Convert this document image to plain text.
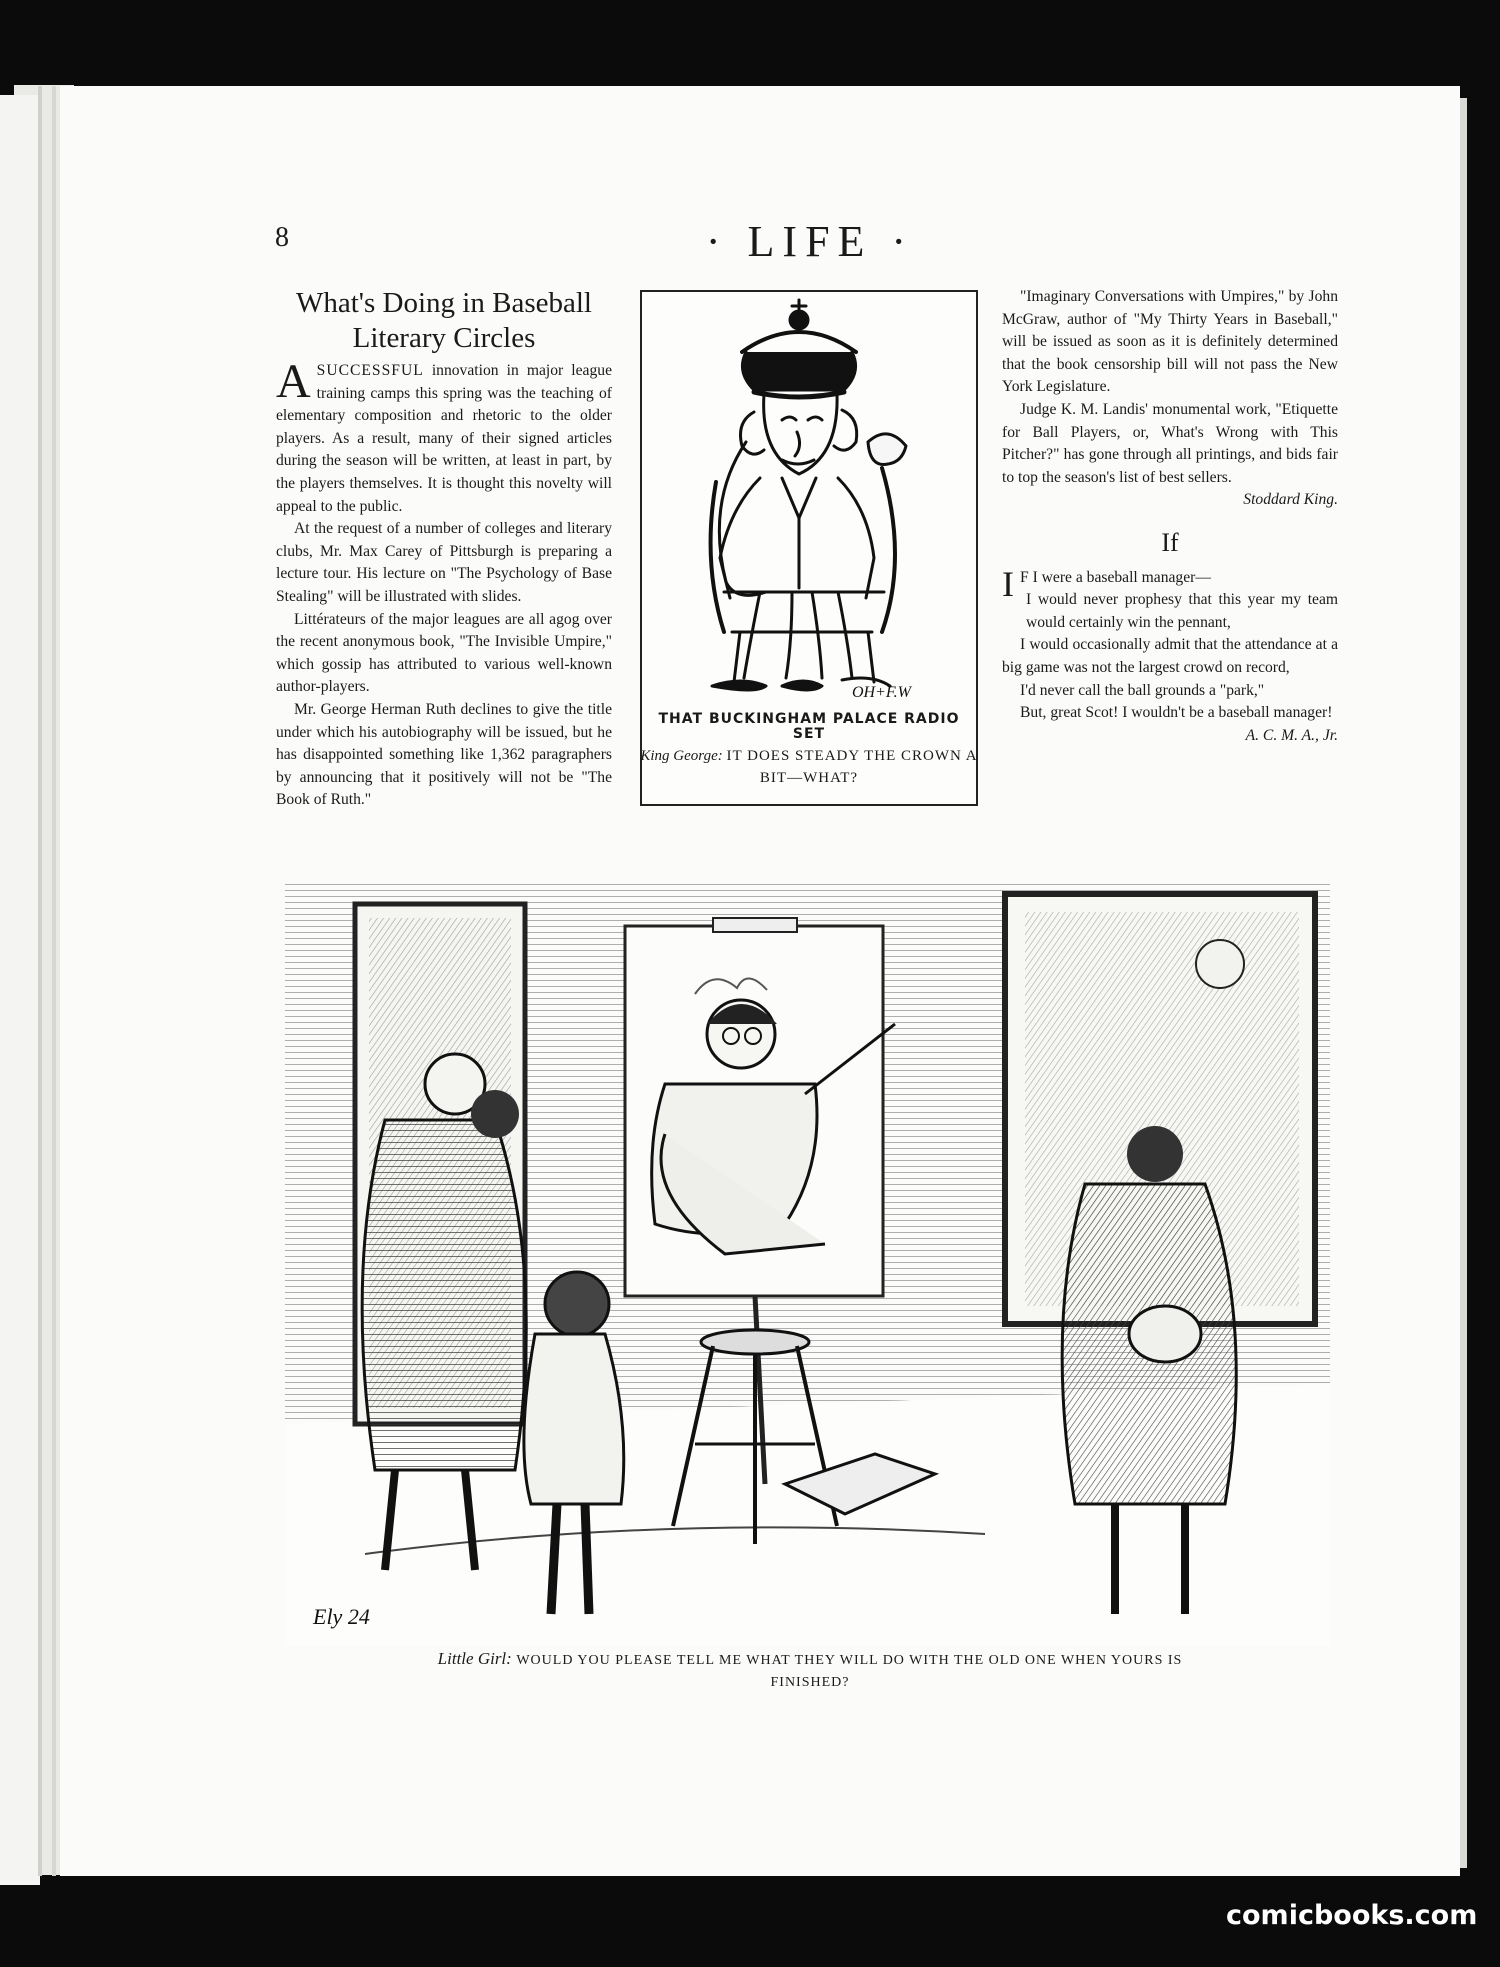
8	· LIFE ·
What's Doing in Baseball
Literary Circles

ASUCCESSFUL innovation in major league training camps this spring was the teaching of elementary composition and rhetoric to the older players. As a result, many of their signed articles during the season will be written, at least in part, by the players themselves. It is thought this novelty will appeal to the public.

At the request of a number of colleges and literary clubs, Mr. Max Carey of Pittsburgh is preparing a lecture tour. His lecture on "The Psychology of Base Stealing" will be illustrated with slides.

Littérateurs of the major leagues are all agog over the recent anonymous book, "The Invisible Umpire," which gossip has attributed to various well-known author-players.

Mr. George Herman Ruth declines to give the title under which his autobiography will be issued, but he has disappointed something like 1,362 paragraphers by announcing that it positively will not be "The Book of Ruth."

OH+F.W
THAT BUCKINGHAM PALACE RADIO SET
King George: IT DOES STEADY THE CROWN A BIT—WHAT?

"Imaginary Conversations with Umpires," by John McGraw, author of "My Thirty Years in Baseball," will be issued as soon as it is definitely determined that the book censorship bill will not pass the New York Legislature.

Judge K. M. Landis' monumental work, "Etiquette for Ball Players, or, What's Wrong with This Pitcher?" has gone through all printings, and bids fair to top the season's list of best sellers.

Stoddard King.

If

I F I were a baseball manager—

I would never prophesy that this year my team would certainly win the pennant,

I would occasionally admit that the attendance at a big game was not the largest crowd on record,

I'd never call the ball grounds a "park,"

But, great Scot! I wouldn't be a baseball manager!

A. C. M. A., Jr.

Ely 24
Little Girl: WOULD YOU PLEASE TELL ME WHAT THEY WILL DO WITH THE OLD ONE WHEN YOURS IS FINISHED?
comicbooks.com
